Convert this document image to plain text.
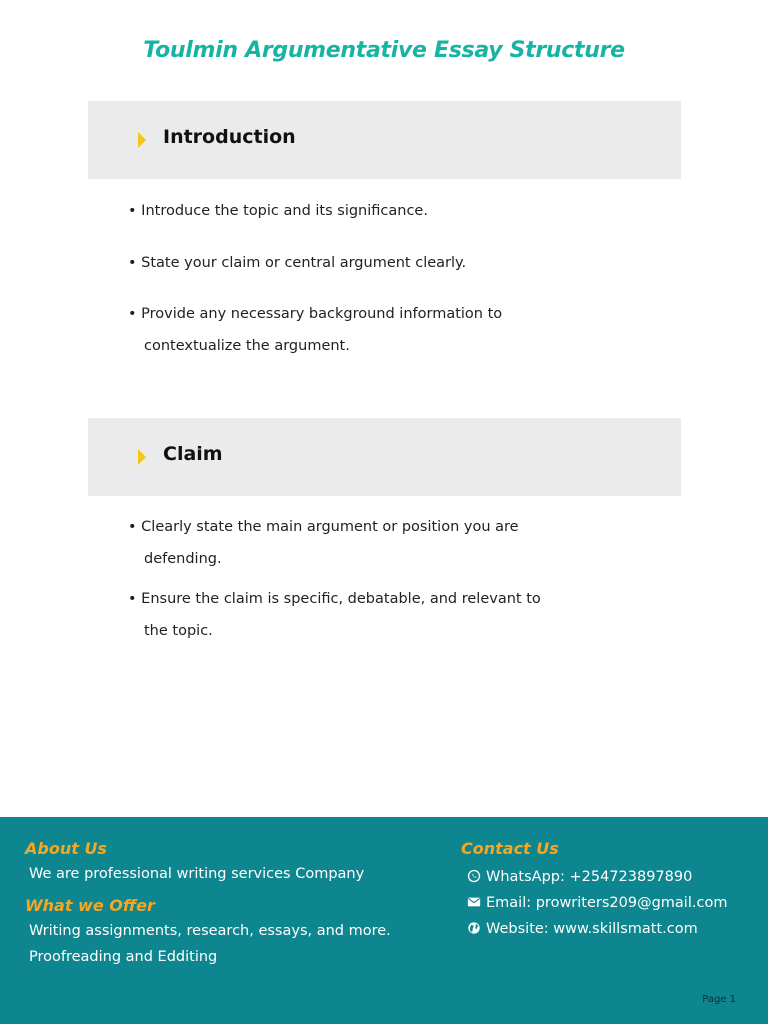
Toulmin Argumentative Essay Structure
Introduction
• Introduce the topic and its significance.
• State your claim or central argument clearly.
• Provide any necessary background information to
contextualize the argument.
Claim
• Clearly state the main argument or position you are
defending.
• Ensure the claim is specific, debatable, and relevant to
the topic.
About Us
We are professional writing services Company
What we Offer
Writing assignments, research, essays, and more.
Proofreading and Edditing
Contact Us
WhatsApp: +254723897890
Email: prowriters209@gmail.com
Website: www.skillsmatt.com
Page 1
